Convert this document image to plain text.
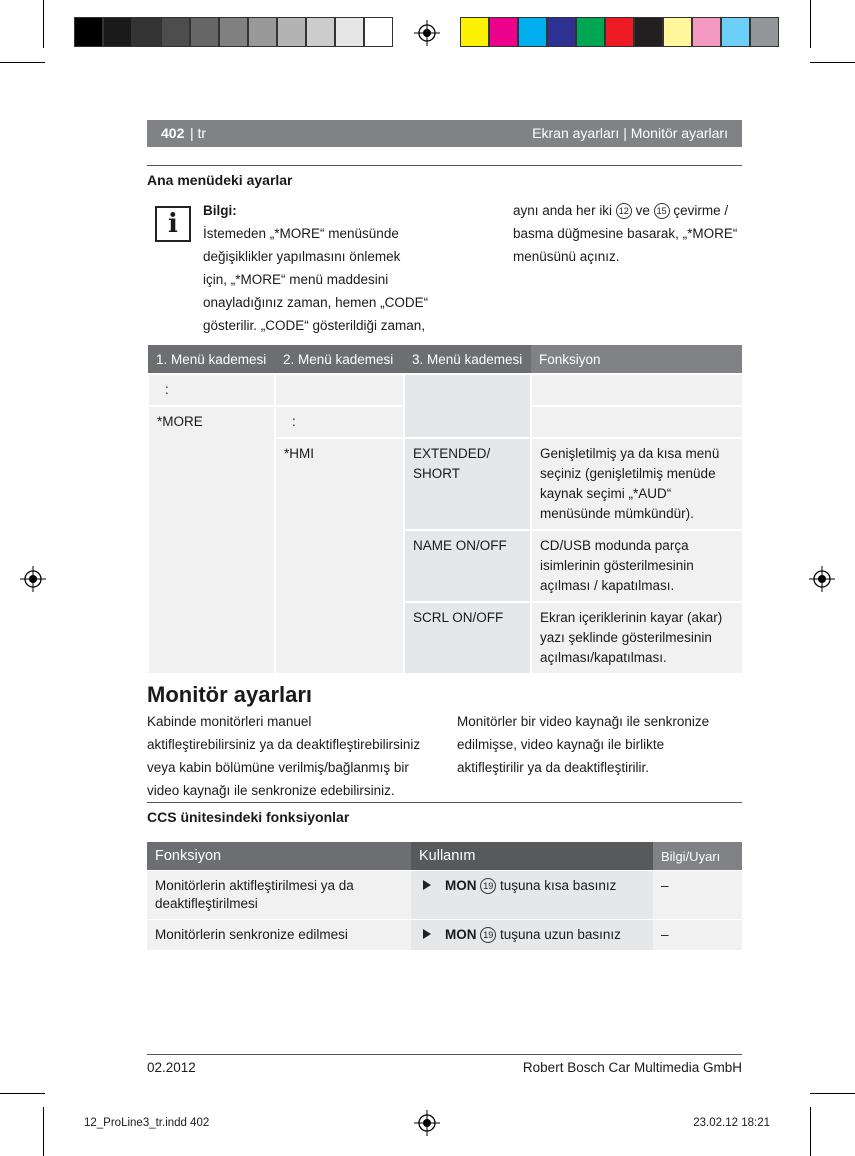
402 | tr	Ekran ayarları | Monitör ayarları
Ana menüdeki ayarlar
i	Bilgi:
İstemeden „*MORE“ menüsünde
değişiklikler yapılmasını önlemek
için, „*MORE“ menü maddesini
onayladığınız zaman, hemen „CODE“
gösterilir. „CODE“ gösterildiği zaman,
aynı anda her iki 12 ve 15 çevirme /
basma düğmesine basarak, „*MORE“
menüsünü açınız.
1. Menü kademesi	2. Menü kademesi	3. Menü kademesi	Fonksiyon
:			
*MORE	:		
	*HMI	EXTENDED/ SHORT	Genişletilmiş ya da kısa menü seçiniz (genişletilmiş menüde kaynak seçimi „*AUD“ menüsünde mümkündür).
		NAME ON/OFF	CD/USB modunda parça isimlerinin gösterilmesinin açılması / kapatılması.
		SCRL ON/OFF	Ekran içeriklerinin kayar (akar) yazı şeklinde gösterilmesinin açılması/kapatılması.
Monitör ayarları
Kabinde monitörleri manuel
aktifleştirebilirsiniz ya da deaktifleştirebilirsiniz
veya kabin bölümüne verilmiş/bağlanmış bir
video kaynağı ile senkronize edebilirsiniz.
Monitörler bir video kaynağı ile senkronize
edilmişse, video kaynağı ile birlikte
aktifleştirilir ya da deaktifleştirilir.
CCS ünitesindeki fonksiyonlar
Fonksiyon	Kullanım	Bilgi/Uyarı
Monitörlerin aktifleştirilmesi ya da deaktifleştirilmesi	MON 19 tuşuna kısa basınız	–
Monitörlerin senkronize edilmesi	MON 19 tuşuna uzun basınız	–
02.2012	Robert Bosch Car Multimedia GmbH
12_ProLine3_tr.indd 402	23.02.12 18:21
